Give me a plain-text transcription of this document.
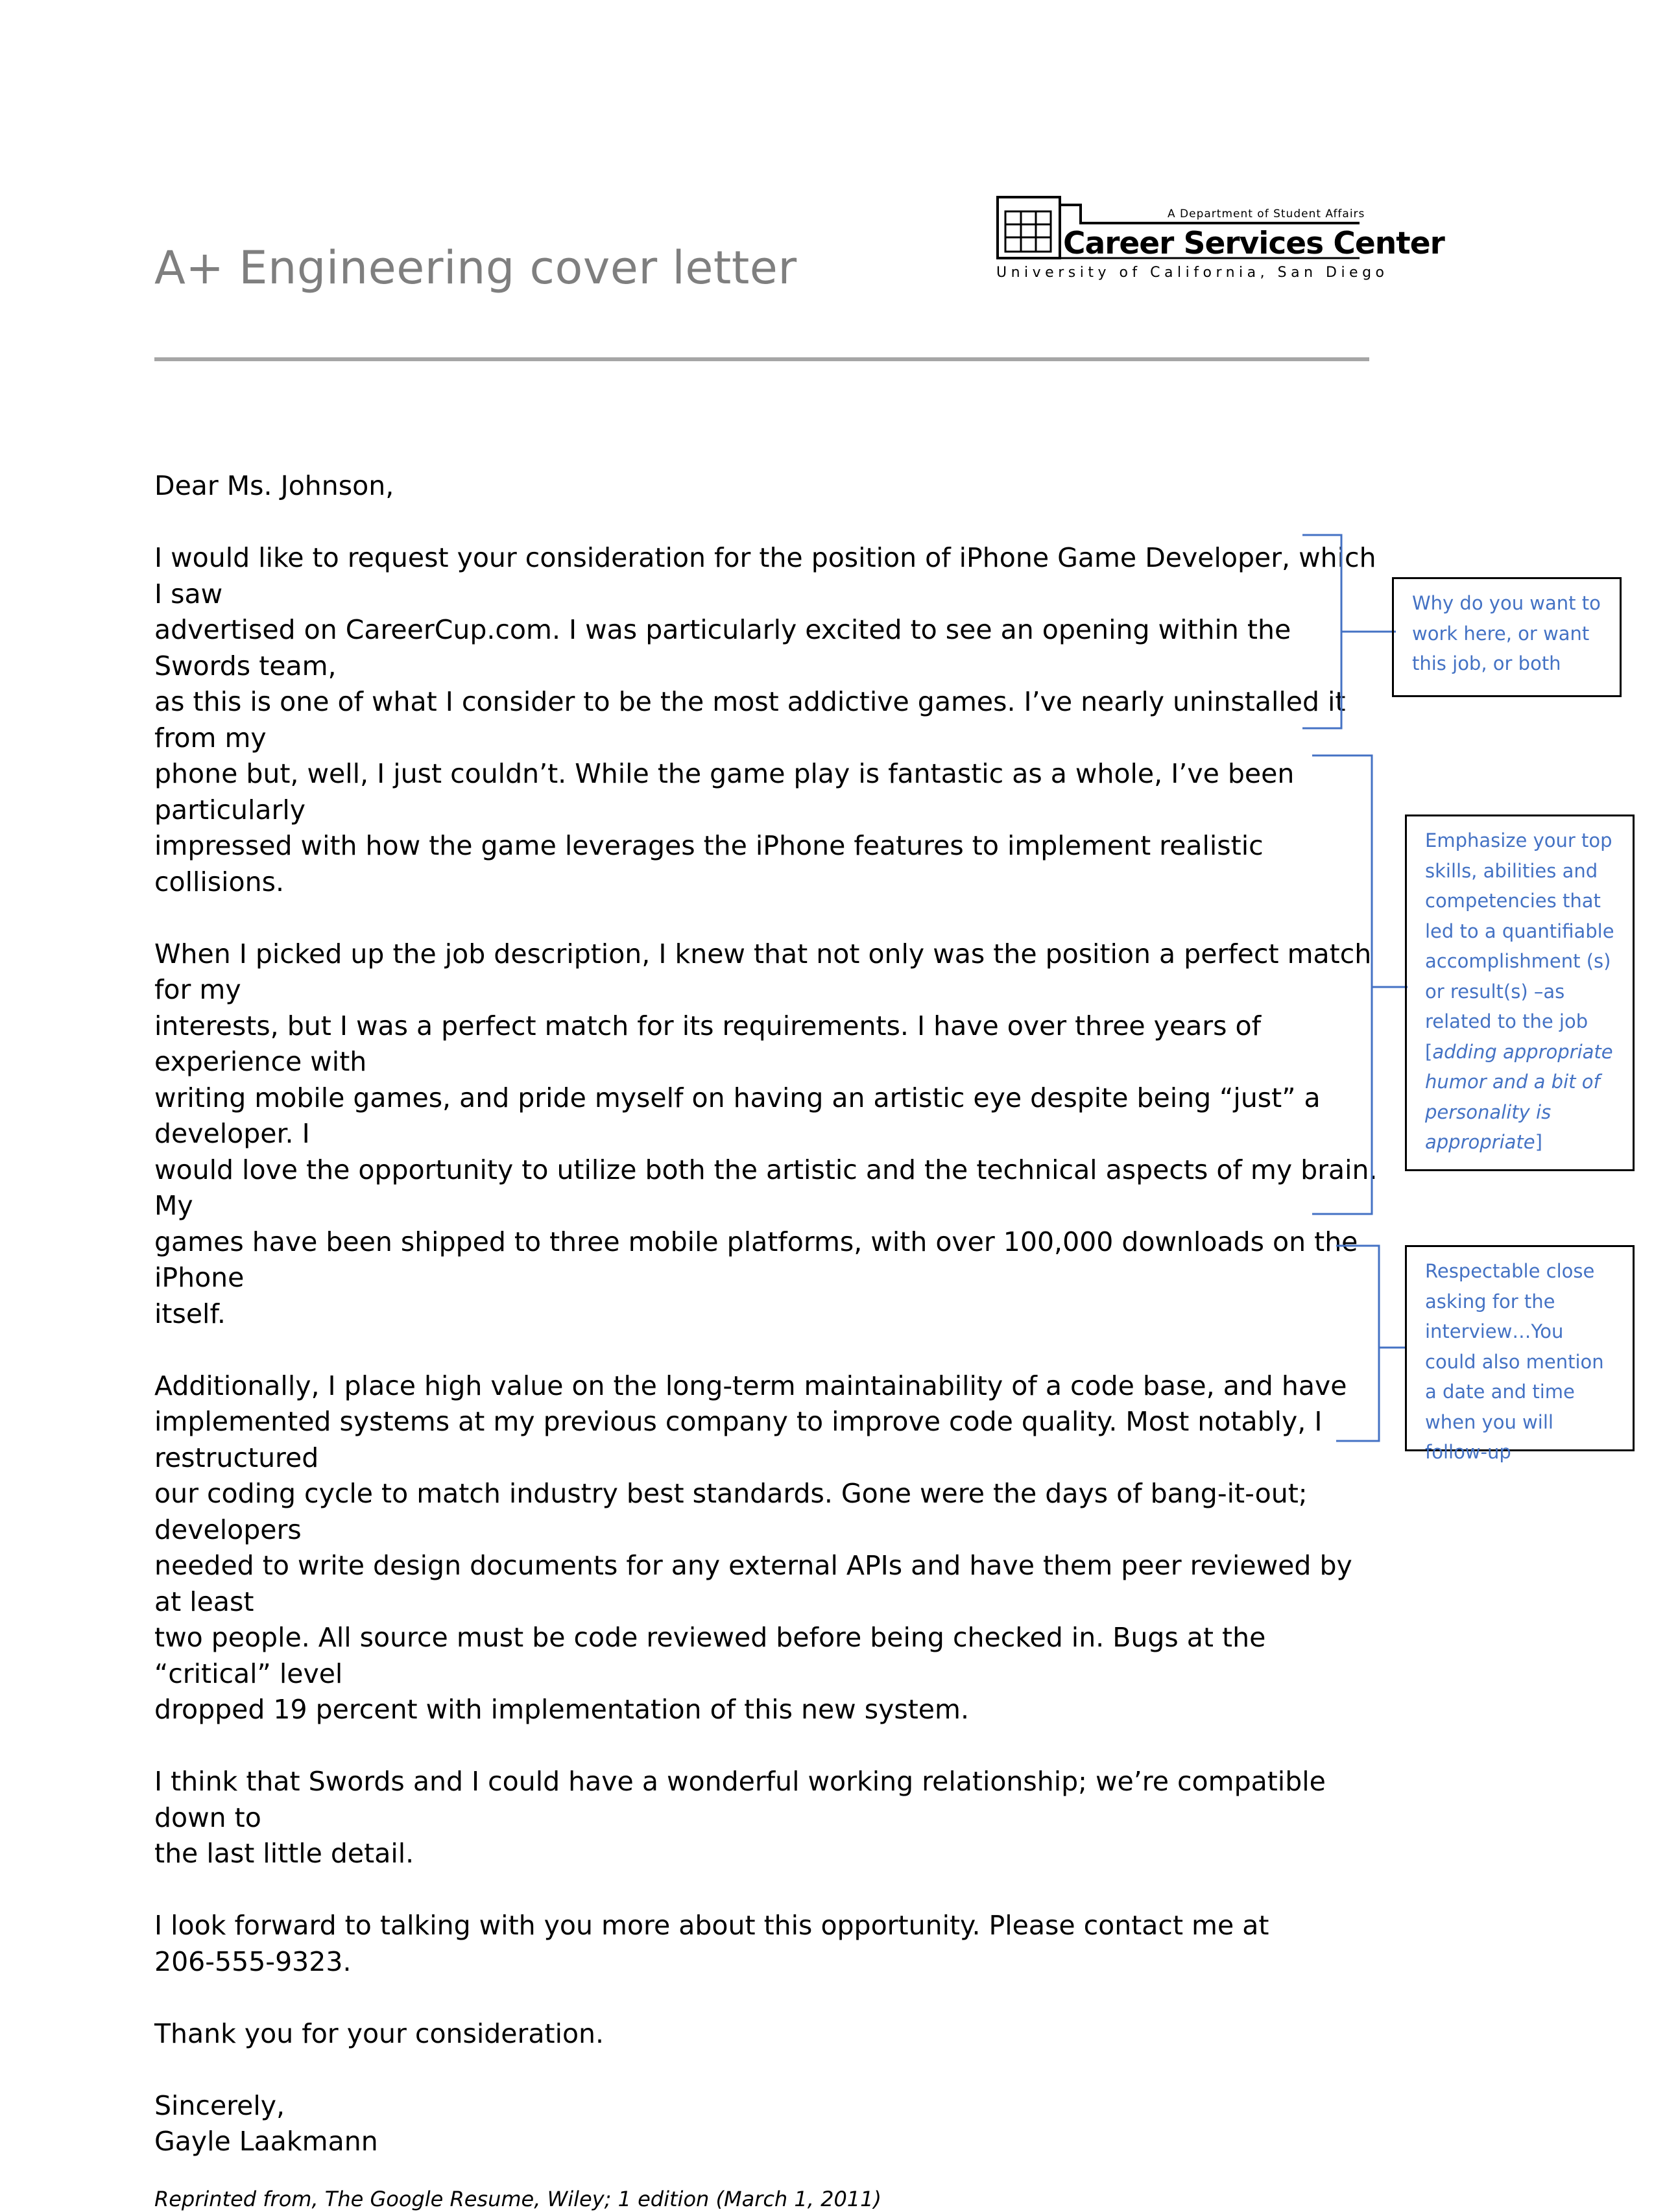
A+ Engineering cover letter
A Department of Student Affairs
Career Services Center
University of California, San Diego

Dear Ms. Johnson,

I would like to request your consideration for the position of iPhone Game Developer, which I saw
advertised on CareerCup.com. I was particularly excited to see an opening within the Swords team,
as this is one of what I consider to be the most addictive games. I’ve nearly uninstalled it from my
phone but, well, I just couldn’t. While the game play is fantastic as a whole, I’ve been particularly
impressed with how the game leverages the iPhone features to implement realistic collisions.

When I picked up the job description, I knew that not only was the position a perfect match for my
interests, but I was a perfect match for its requirements. I have over three years of experience with
writing mobile games, and pride myself on having an artistic eye despite being “just” a developer. I
would love the opportunity to utilize both the artistic and the technical aspects of my brain. My
games have been shipped to three mobile platforms, with over 100,000 downloads on the iPhone
itself.

Additionally, I place high value on the long-term maintainability of a code base, and have
implemented systems at my previous company to improve code quality. Most notably, I restructured
our coding cycle to match industry best standards. Gone were the days of bang-it-out; developers
needed to write design documents for any external APIs and have them peer reviewed by at least
two people. All source must be code reviewed before being checked in. Bugs at the “critical” level
dropped 19 percent with implementation of this new system.

I think that Swords and I could have a wonderful working relationship; we’re compatible down to
the last little detail.

I look forward to talking with you more about this opportunity. Please contact me at
206-555-9323.

Thank you for your consideration.

Sincerely,

Gayle Laakmann

Reprinted from, The Google Resume, Wiley; 1 edition (March 1, 2011)
Why do you want to work here, or want this job, or both
Emphasize your top skills, abilities and competencies that led to a quantifiable accomplishment (s) or result(s) –as related to the job [adding appropriate humor and a bit of personality is appropriate]
Respectable close asking for the interview…You could also mention a date and time when you will follow-up
